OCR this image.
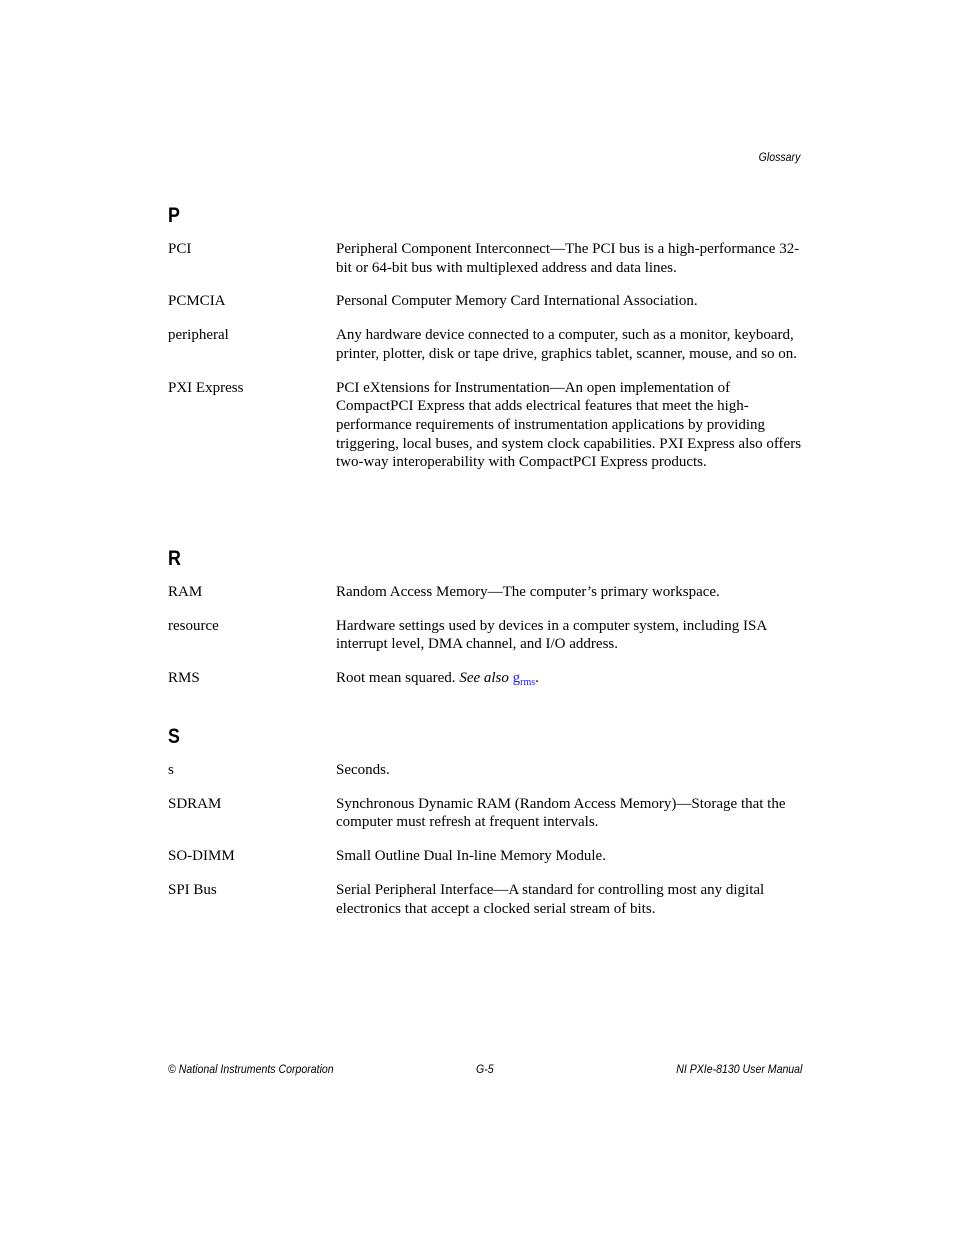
Glossary
P
PCI	Peripheral Component Interconnect—The PCI bus is a high-performance 32-bit or 64-bit bus with multiplexed address and data lines.
PCMCIA	Personal Computer Memory Card International Association.
peripheral	Any hardware device connected to a computer, such as a monitor, keyboard, printer, plotter, disk or tape drive, graphics tablet, scanner, mouse, and so on.
PXI Express	PCI eXtensions for Instrumentation—An open implementation of CompactPCI Express that adds electrical features that meet the high-performance requirements of instrumentation applications by providing triggering, local buses, and system clock capabilities. PXI Express also offers two-way interoperability with CompactPCI Express products.
R
RAM	Random Access Memory—The computer’s primary workspace.
resource	Hardware settings used by devices in a computer system, including ISA interrupt level, DMA channel, and I/O address.
RMS	Root mean squared. See also $g_{rms}$.
S
s	Seconds.
SDRAM	Synchronous Dynamic RAM (Random Access Memory)—Storage that the computer must refresh at frequent intervals.
SO-DIMM	Small Outline Dual In-line Memory Module.
SPI Bus	Serial Peripheral Interface—A standard for controlling most any digital electronics that accept a clocked serial stream of bits.
© National Instruments Corporation	G-5	NI PXIe-8130 User Manual
